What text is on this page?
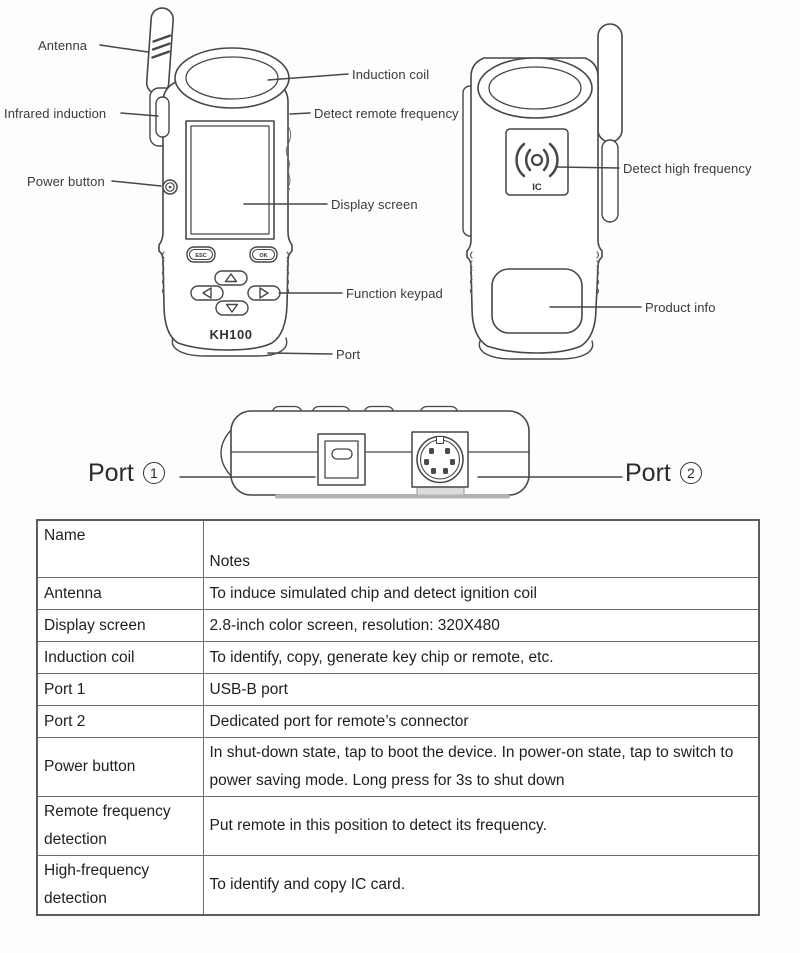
KH100
ESC	OK
IC
Antenna
Infrared induction
Power button
Induction coil
Detect remote frequency
Display screen
Function keypad
Port
Detect high frequency
Product info
Port	1	Port	2
Name	Notes
Antenna	To induce simulated chip and detect ignition coil
Display screen	2.8-inch color screen, resolution: 320X480
Induction coil	To identify, copy, generate key chip or remote, etc.
Port 1	USB-B port
Port 2	Dedicated port for remote’s connector
Power button	In shut-down state, tap to boot the device. In power-on state, tap to switch to power saving mode. Long press for 3s to shut down
Remote frequency detection	Put remote in this position to detect its frequency.
High-frequency detection	To identify and copy IC card.
